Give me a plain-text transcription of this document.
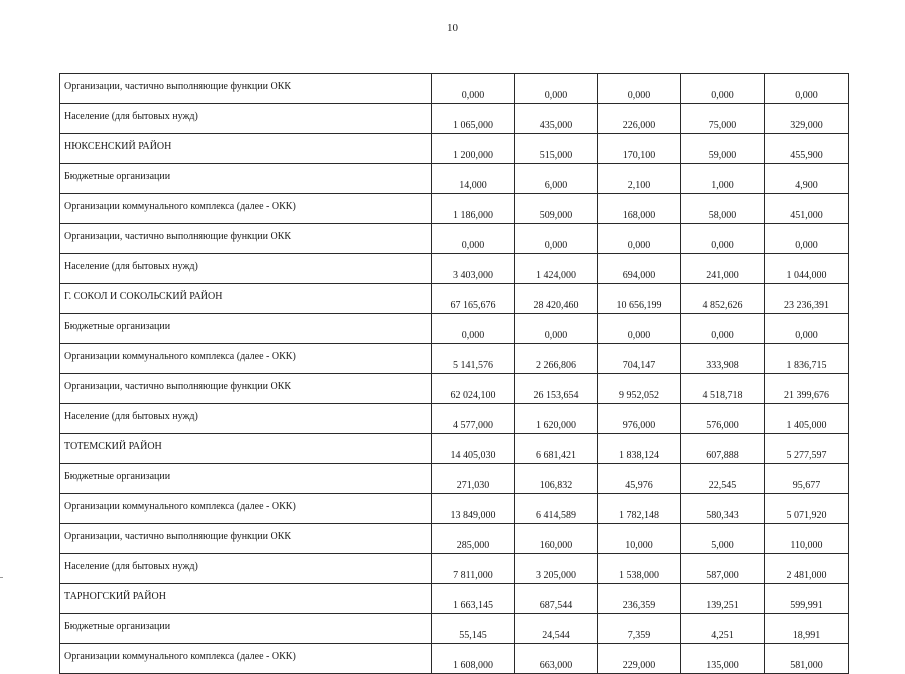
10
Организации, частично выполняющие функции ОКК	0,000	0,000	0,000	0,000	0,000
Население (для бытовых нужд)	1 065,000	435,000	226,000	75,000	329,000
НЮКСЕНСКИЙ РАЙОН	1 200,000	515,000	170,100	59,000	455,900
Бюджетные организации	14,000	6,000	2,100	1,000	4,900
Организации коммунального комплекса (далее - ОКК)	1 186,000	509,000	168,000	58,000	451,000
Организации, частично выполняющие функции ОКК	0,000	0,000	0,000	0,000	0,000
Население (для бытовых нужд)	3 403,000	1 424,000	694,000	241,000	1 044,000
Г. СОКОЛ И СОКОЛЬСКИЙ РАЙОН	67 165,676	28 420,460	10 656,199	4 852,626	23 236,391
Бюджетные организации	0,000	0,000	0,000	0,000	0,000
Организации коммунального комплекса (далее - ОКК)	5 141,576	2 266,806	704,147	333,908	1 836,715
Организации, частично выполняющие функции ОКК	62 024,100	26 153,654	9 952,052	4 518,718	21 399,676
Население (для бытовых нужд)	4 577,000	1 620,000	976,000	576,000	1 405,000
ТОТЕМСКИЙ РАЙОН	14 405,030	6 681,421	1 838,124	607,888	5 277,597
Бюджетные организации	271,030	106,832	45,976	22,545	95,677
Организации коммунального комплекса (далее - ОКК)	13 849,000	6 414,589	1 782,148	580,343	5 071,920
Организации, частично выполняющие функции ОКК	285,000	160,000	10,000	5,000	110,000
Население (для бытовых нужд)	7 811,000	3 205,000	1 538,000	587,000	2 481,000
ТАРНОГСКИЙ РАЙОН	1 663,145	687,544	236,359	139,251	599,991
Бюджетные организации	55,145	24,544	7,359	4,251	18,991
Организации коммунального комплекса (далее - ОКК)	1 608,000	663,000	229,000	135,000	581,000
